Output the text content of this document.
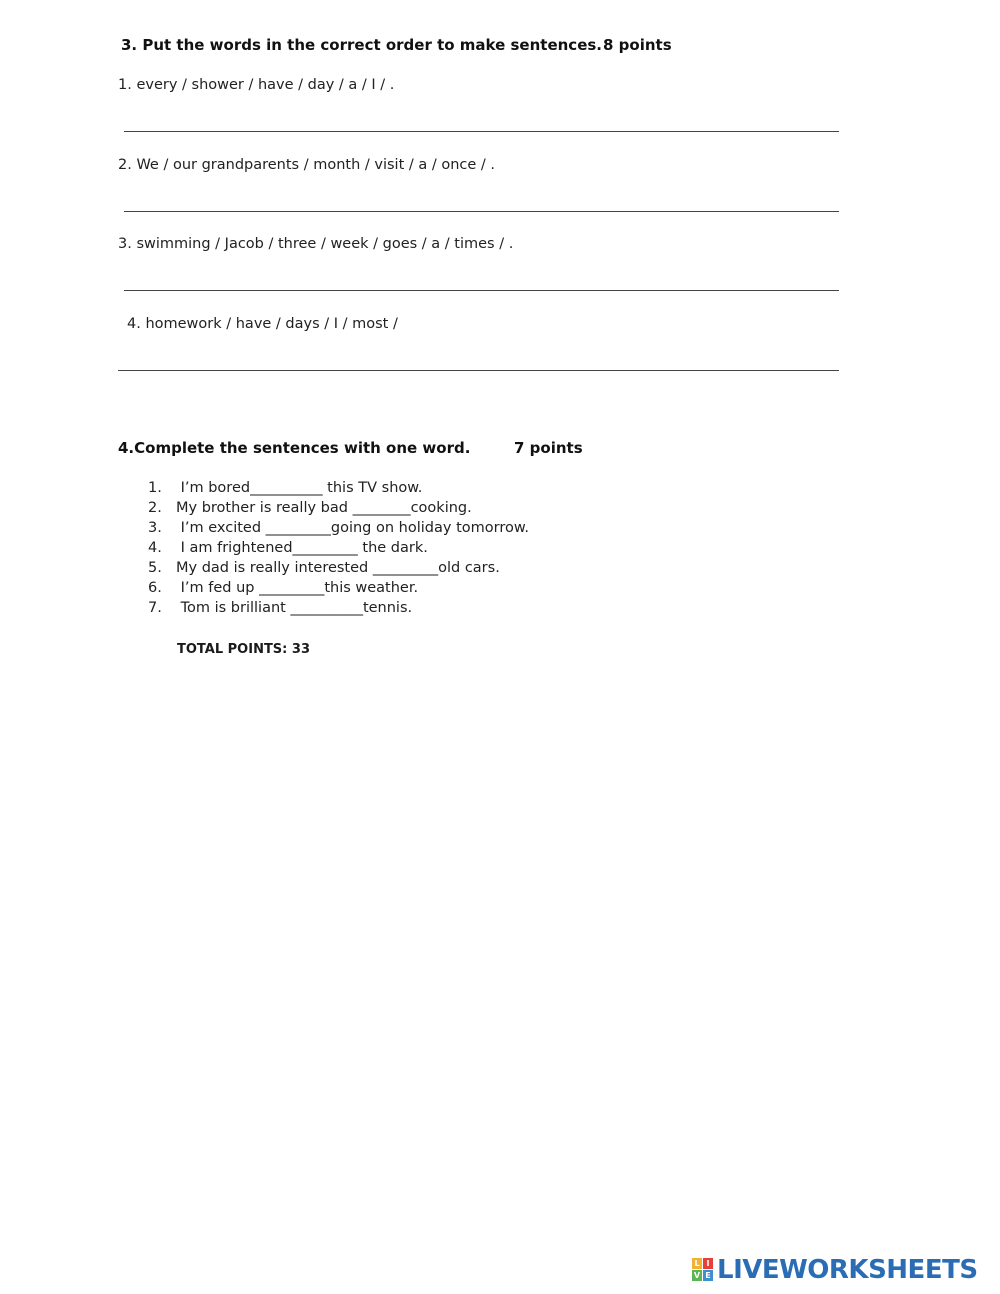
3. Put the words in the correct order to make sentences. 8 points
1. every / shower / have / day / a / I / .
2. We / our grandparents / month / visit / a / once / .
3. swimming / Jacob / three / week / goes / a / times / .
4. homework / have / days / I / most /
4.Complete the sentences with one word.	7 points
1. I’m bored__________ this TV show.
2. My brother is really bad ________cooking.
3. I’m excited _________going on holiday tomorrow.
4. I am frightened_________ the dark.
5. My dad is really interested _________old cars.
6. I’m fed up _________this weather.
7. Tom is brilliant __________tennis.
TOTAL POINTS: 33
L I
V E LIVEWORKSHEETS
